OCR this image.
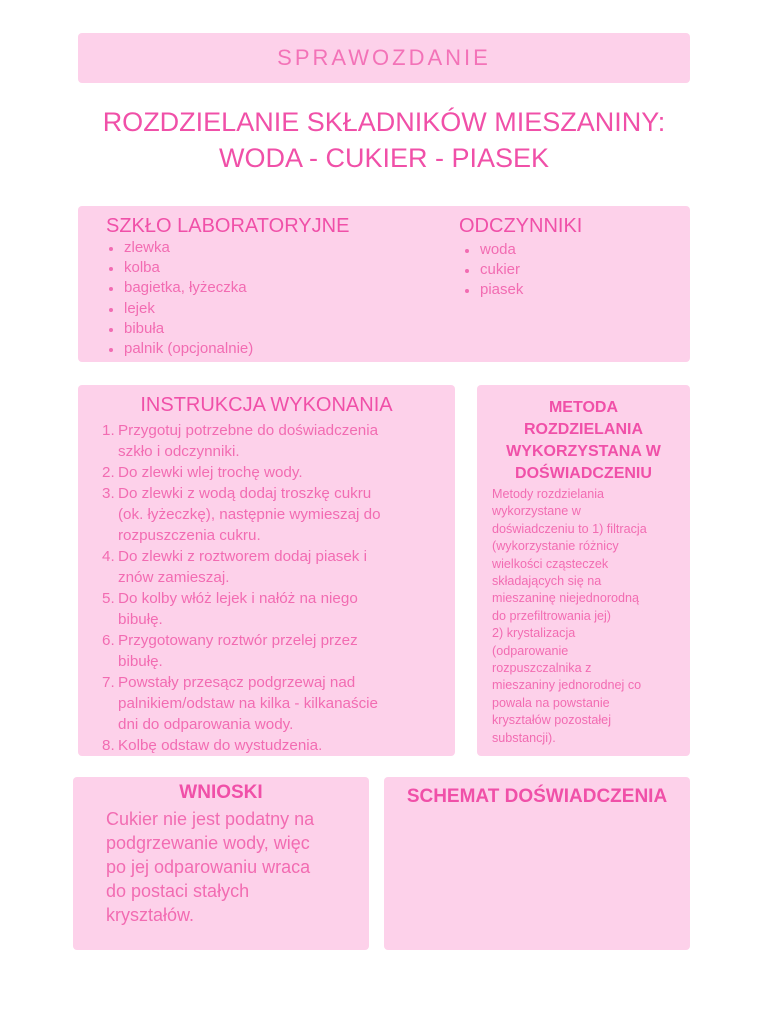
SPRAWOZDANIE
ROZDZIELANIE SKŁADNIKÓW MIESZANINY:
WODA - CUKIER - PIASEK
SZKŁO LABORATORYJNE
zlewka
kolba
bagietka, łyżeczka
lejek
bibuła
palnik (opcjonalnie)
ODCZYNNIKI
woda
cukier
piasek
INSTRUKCJA WYKONANIA
1. Przygotuj potrzebne do doświadczenia
szkło i odczynniki.
2. Do zlewki wlej trochę wody.
3. Do zlewki z wodą dodaj troszkę cukru
(ok. łyżeczkę), następnie wymieszaj do
rozpuszczenia cukru.
4. Do zlewki z roztworem dodaj piasek i
znów zamieszaj.
5. Do kolby włóż lejek i nałóż na niego
bibułę.
6. Przygotowany roztwór przelej przez
bibułę.
7. Powstały przesącz podgrzewaj nad
palnikiem/odstaw na kilka - kilkanaście
dni do odparowania wody.
8. Kolbę odstaw do wystudzenia.
METODA
ROZDZIELANIA
WYKORZYSTANA W
DOŚWIADCZENIU
Metody rozdzielania
wykorzystane w
doświadczeniu to 1) filtracja
(wykorzystanie różnicy
wielkości cząsteczek
składających się na
mieszaninę niejednorodną
do przefiltrowania jej)
2) krystalizacja
(odparowanie
rozpuszczalnika z
mieszaniny jednorodnej co
powala na powstanie
kryształów pozostałej
substancji).
WNIOSKI
Cukier nie jest podatny na
podgrzewanie wody, więc
po jej odparowaniu wraca
do postaci stałych
kryształów.
SCHEMAT DOŚWIADCZENIA
